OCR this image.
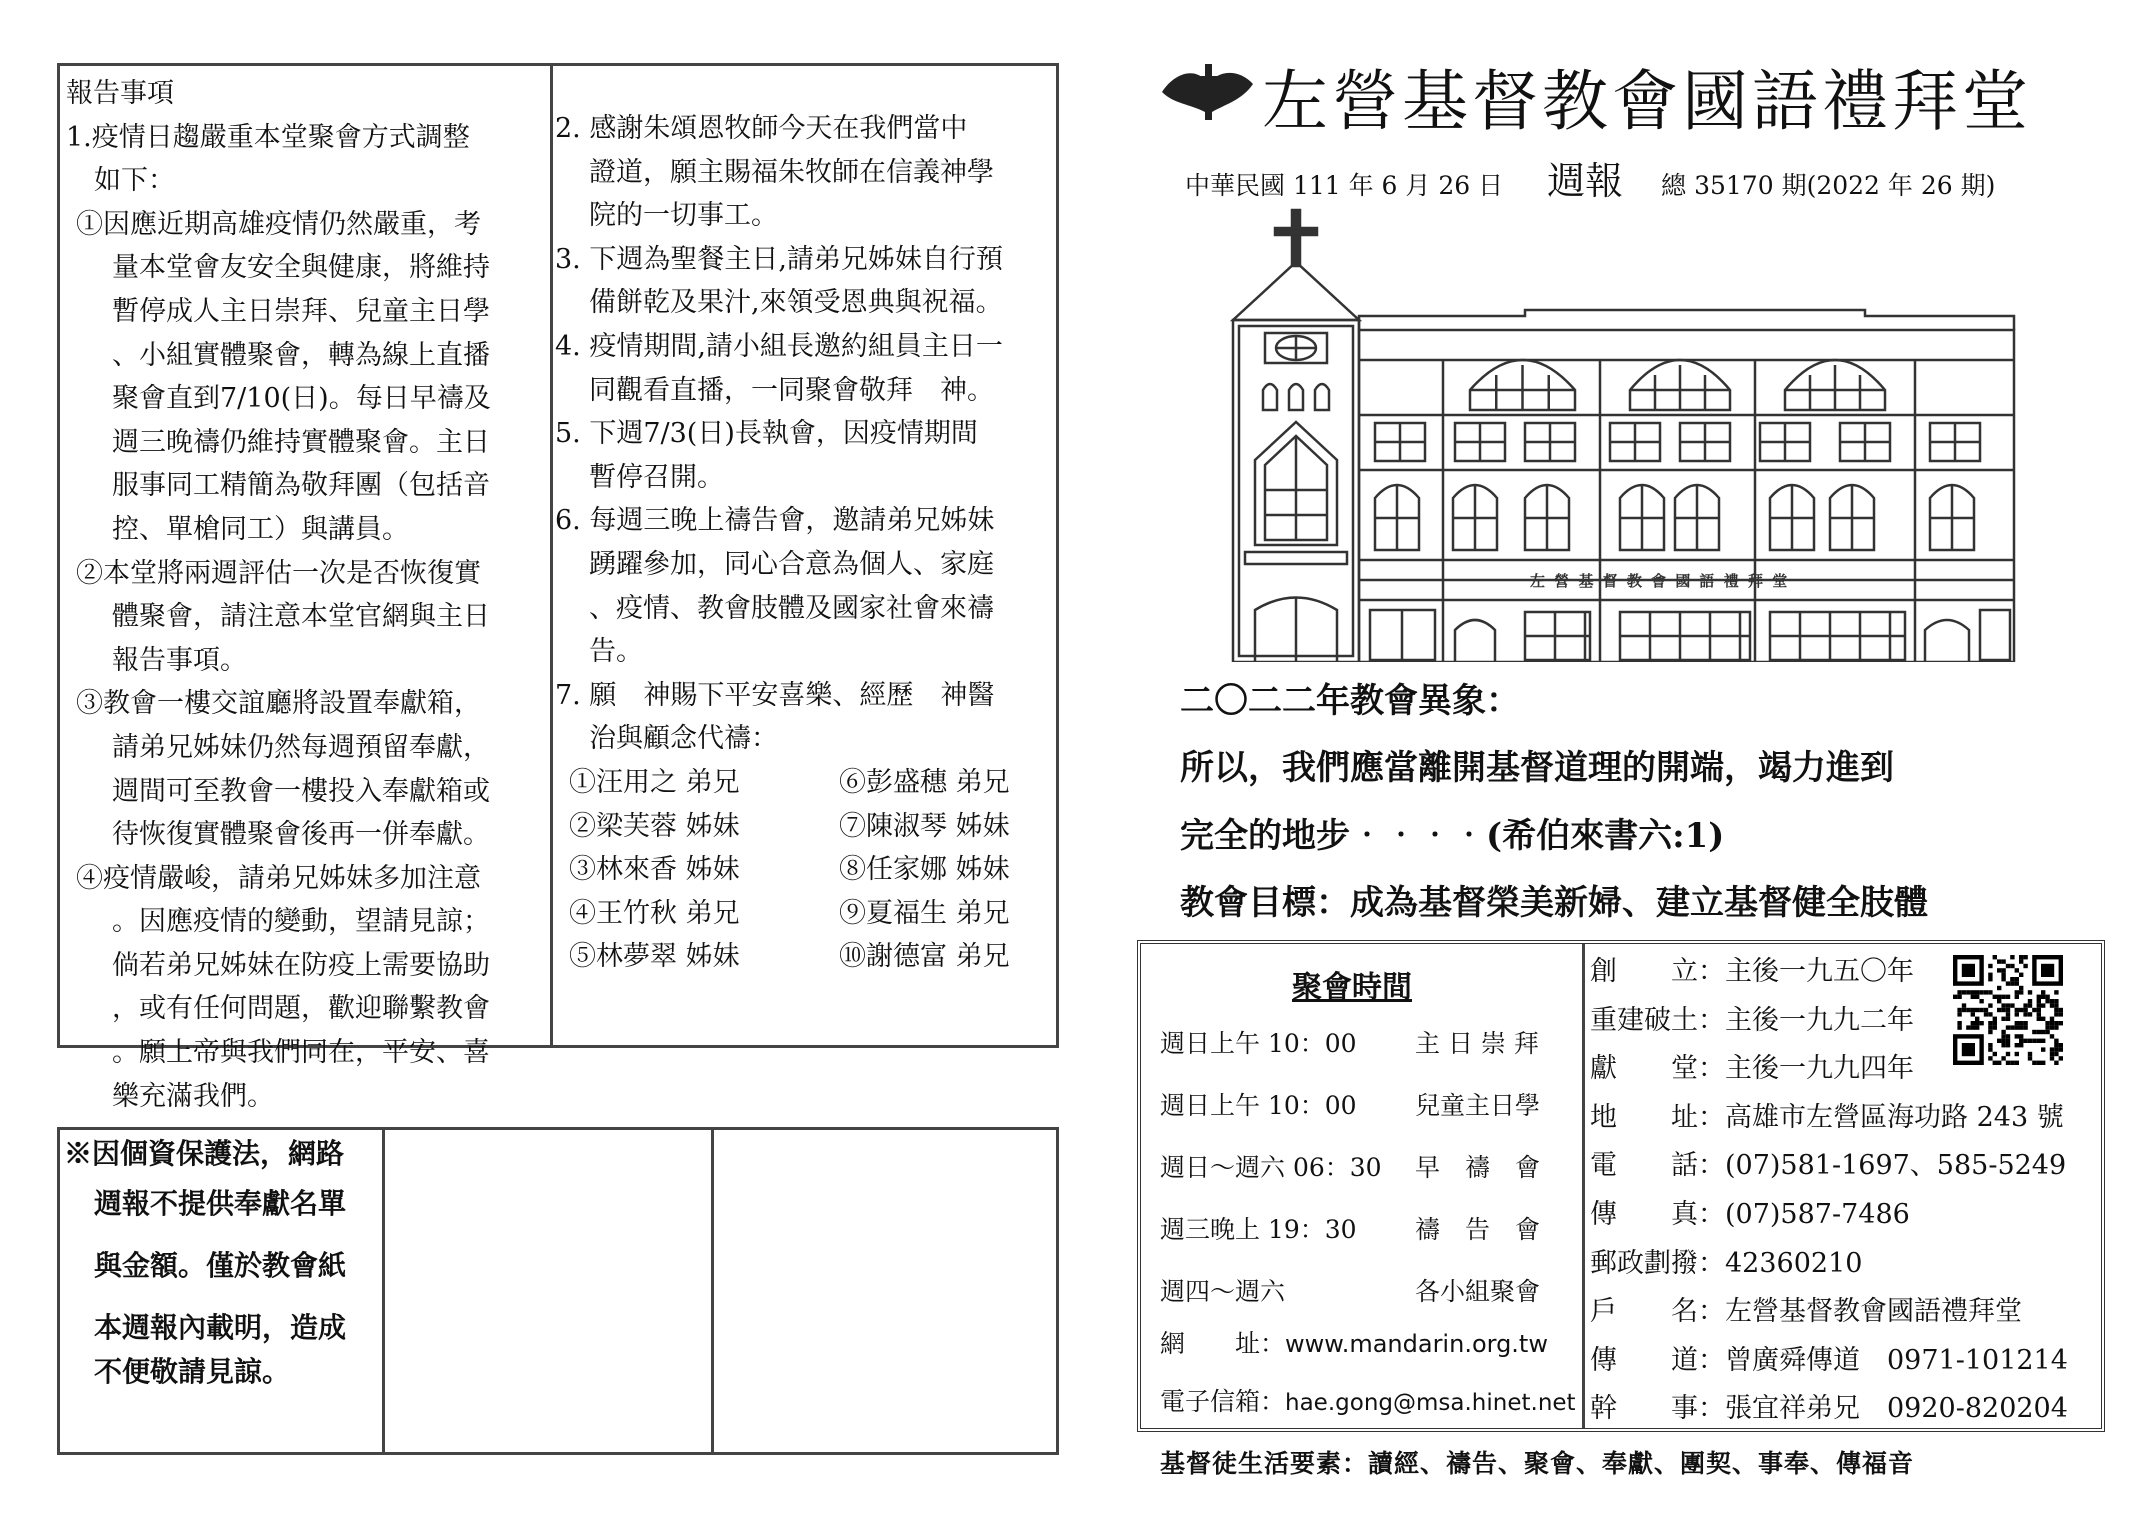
報告事項
1.疫情日趨嚴重本堂聚會方式調整
如下：
①因應近期高雄疫情仍然嚴重，考
量本堂會友安全與健康，將維持
暫停成人主日崇拜、兒童主日學
、小組實體聚會，轉為線上直播
聚會直到7/10(日)。每日早禱及
週三晚禱仍維持實體聚會。主日
服事同工精簡為敬拜團（包括音
控、單槍同工）與講員。
②本堂將兩週評估一次是否恢復實
體聚會，請注意本堂官網與主日
報告事項。
③教會一樓交誼廳將設置奉獻箱，
請弟兄姊妹仍然每週預留奉獻，
週間可至教會一樓投入奉獻箱或
待恢復實體聚會後再一併奉獻。
④疫情嚴峻，請弟兄姊妹多加注意
。因應疫情的變動，望請見諒；
倘若弟兄姊妹在防疫上需要協助
，或有任何問題，歡迎聯繫教會
。願上帝與我們同在，平安、喜
樂充滿我們。
2. 感謝朱頌恩牧師今天在我們當中
證道，願主賜福朱牧師在信義神學
院的一切事工。
3. 下週為聖餐主日,請弟兄姊妹自行預
備餅乾及果汁,來領受恩典與祝福。
4. 疫情期間,請小組長邀約組員主日一
同觀看直播，一同聚會敬拜　神。
5. 下週7/3(日)長執會，因疫情期間
暫停召開。
6. 每週三晚上禱告會，邀請弟兄姊妹
踴躍參加，同心合意為個人、家庭
、疫情、教會肢體及國家社會來禱
告。
7. 願　神賜下平安喜樂、經歷　神醫
治與顧念代禱：
①汪用之 弟兄	⑥彭盛穗 弟兄
②梁芙蓉 姊妹	⑦陳淑琴 姊妹
③林來香 姊妹	⑧任家娜 姊妹
④王竹秋 弟兄	⑨夏福生 弟兄
⑤林夢翠 姊妹	⑩謝德富 弟兄
※因個資保護法，網路
週報不提供奉獻名單
與金額。僅於教會紙
本週報內載明，造成
不便敬請見諒。
左營基督教會國語禮拜堂
中華民國 111 年 6 月 26 日 週報 總 35170 期(2022 年 26 期)
左 營 基 督 教 會 國 語 禮 拜 堂
二〇二二年教會異象：
所以，我們應當離開基督道理的開端，竭力進到
完全的地步‧‧‧‧(希伯來書六:1)
教會目標：成為基督榮美新婦、建立基督健全肢體
聚會時間
週日上午 10：00	主 日 崇 拜
週日上午 10：00	兒童主日學
週日～週六 06：30	早　禱　會
週三晚上 19：30	禱　告　會
週四～週六	各小組聚會
網　　址：www.mandarin.org.tw
電子信箱：hae.gong@msa.hinet.net
創　　立：主後一九五〇年
重建破土：主後一九九二年
獻　　堂：主後一九九四年
地　　址：高雄市左營區海功路 243 號
電　　話：(07)581-1697、585-5249
傳　　真：(07)587-7486
郵政劃撥：42360210
戶　　名：左營基督教會國語禮拜堂
傳　　道：曾廣舜傳道　0971-101214
幹　　事：張宜祥弟兄　0920-820204
基督徒生活要素：讀經、禱告、聚會、奉獻、團契、事奉、傳福音
